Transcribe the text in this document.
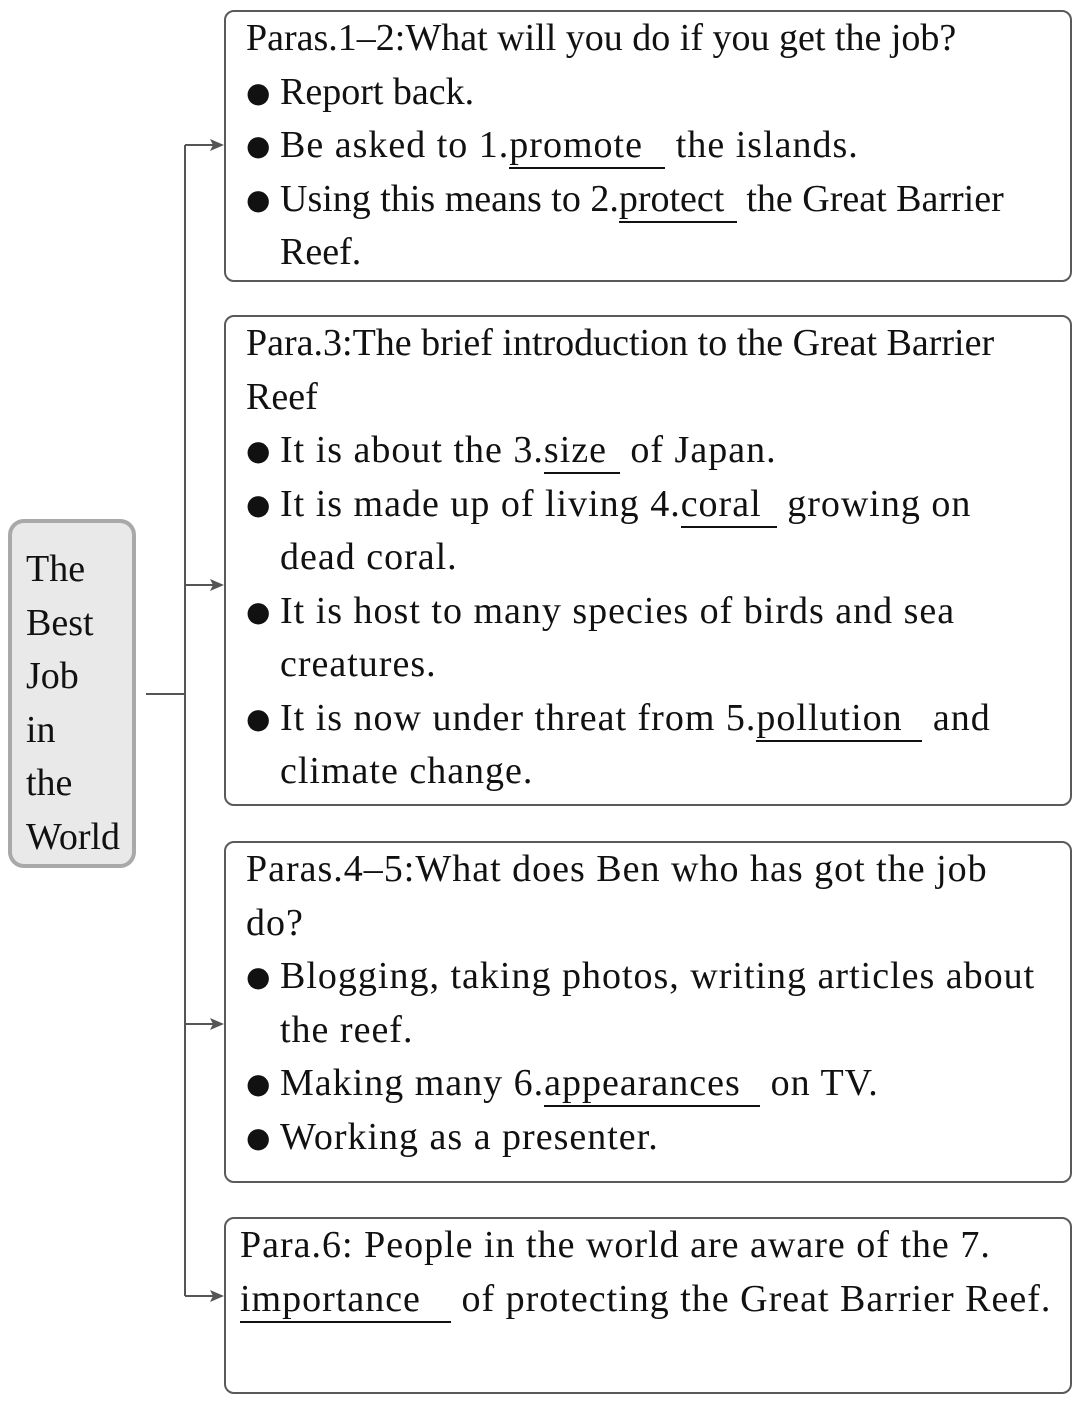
The
Best
Job
in
the
World

Paras.1–2:What will you do if you get the job?

● Report back.

● Be asked to 1.promote the islands.

● Using this means to 2.protect the Great Barrier Reef.

Para.3:The brief introduction to the Great Barrier Reef

● It is about the 3.size of Japan.

● It is made up of living 4.coral growing on dead coral.

● It is host to many species of birds and sea creatures.

● It is now under threat from 5.pollution and climate change.

Paras.4–5:What does Ben who has got the job do?

● Blogging, taking photos, writing articles about the reef.

● Making many 6.appearances on TV.

● Working as a presenter.

Para.6: People in the world are aware of the 7.importance of protecting the Great Barrier Reef.
